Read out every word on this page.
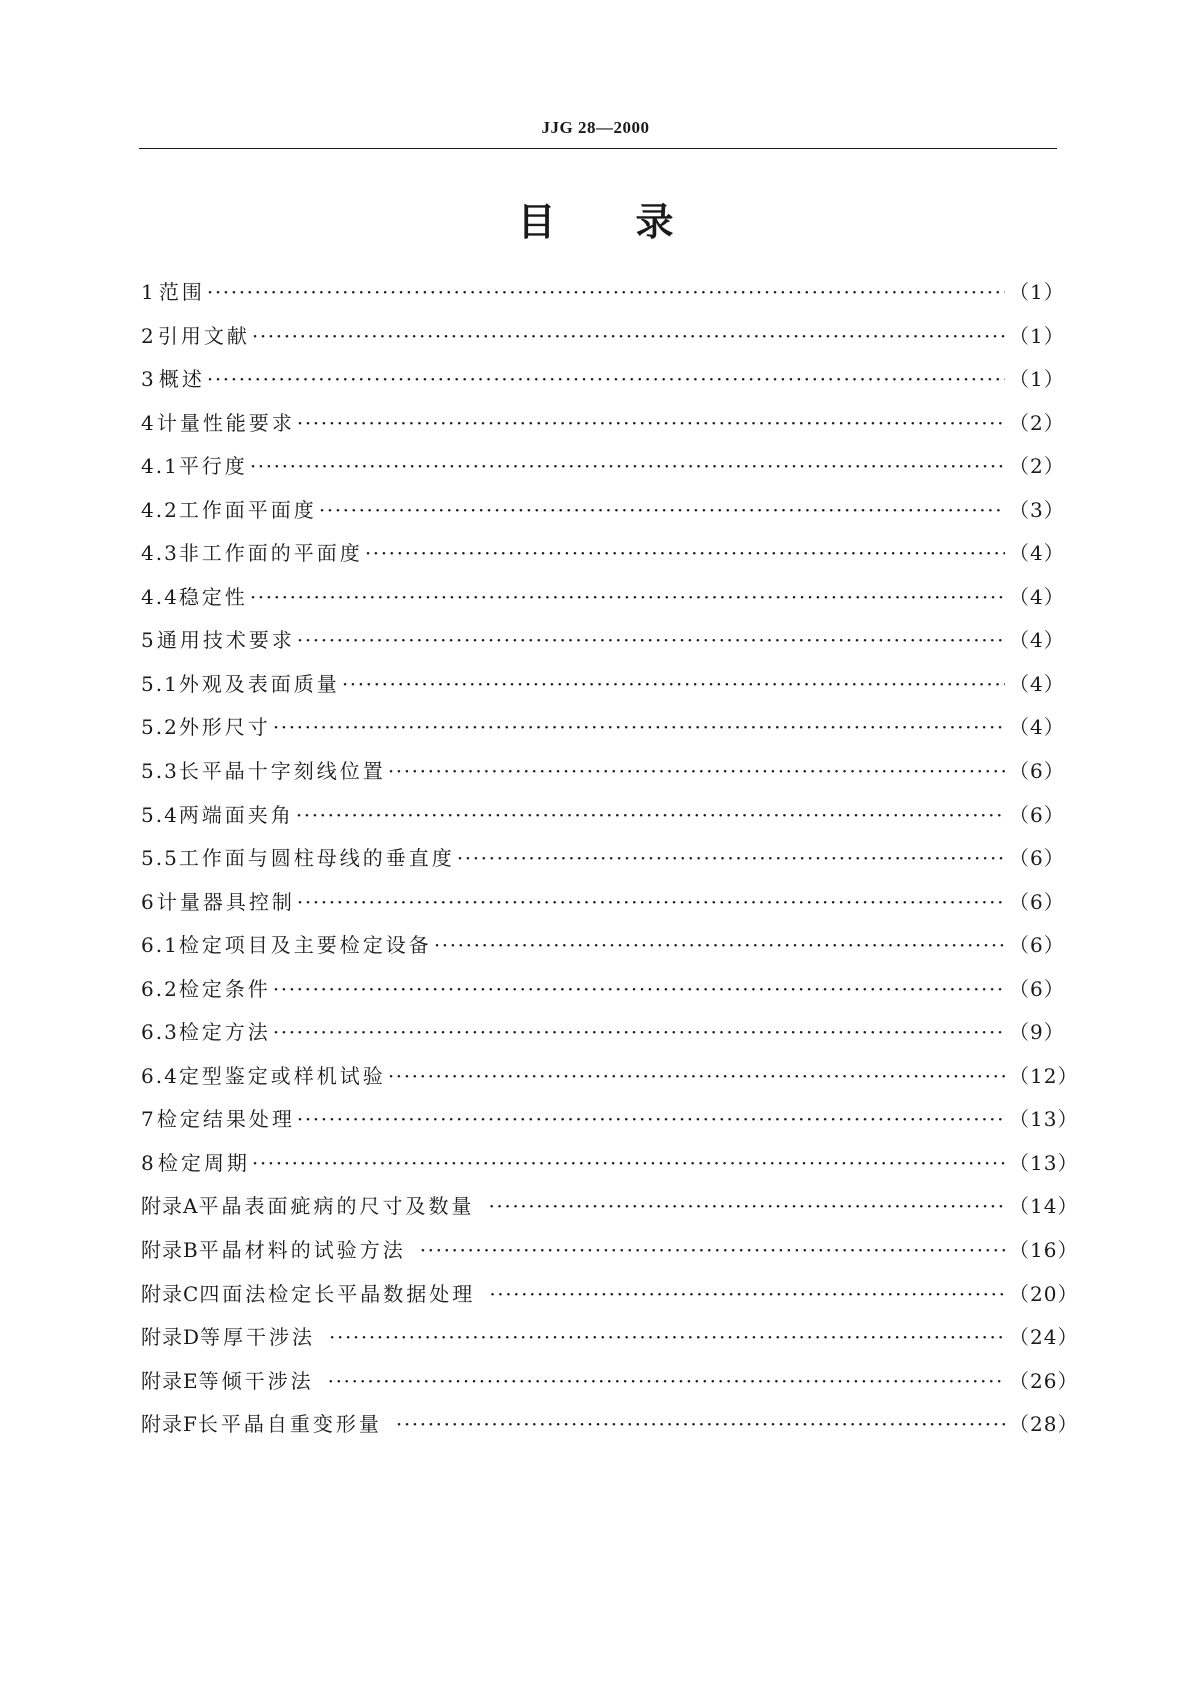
JJG 28—2000
目 录
1 范围 ·····	（1）
2 引用文献 ·····	（1）
3 概述 ·····	（1）
4 计量性能要求 ·····	（2）
4.1 平行度 ·····	（2）
4.2 工作面平面度 ·····	（3）
4.3 非工作面的平面度 ·····	（4）
4.4 稳定性 ·····	（4）
5 通用技术要求 ·····	（4）
5.1 外观及表面质量 ·····	（4）
5.2 外形尺寸 ·····	（4）
5.3 长平晶十字刻线位置 ·····	（6）
5.4 两端面夹角 ·····	（6）
5.5 工作面与圆柱母线的垂直度 ·····	（6）
6 计量器具控制 ·····	（6）
6.1 检定项目及主要检定设备 ·····	（6）
6.2 检定条件 ·····	（6）
6.3 检定方法 ·····	（9）
6.4 定型鉴定或样机试验 ·····	（12）
7 检定结果处理 ·····	（13）
8 检定周期 ·····	（13）
附录A 平晶表面疵病的尺寸及数量 ·····	（14）
附录B 平晶材料的试验方法 ·····	（16）
附录C 四面法检定长平晶数据处理 ·····	（20）
附录D 等厚干涉法 ·····	（24）
附录E 等倾干涉法 ·····	（26）
附录F 长平晶自重变形量 ·····	（28）
